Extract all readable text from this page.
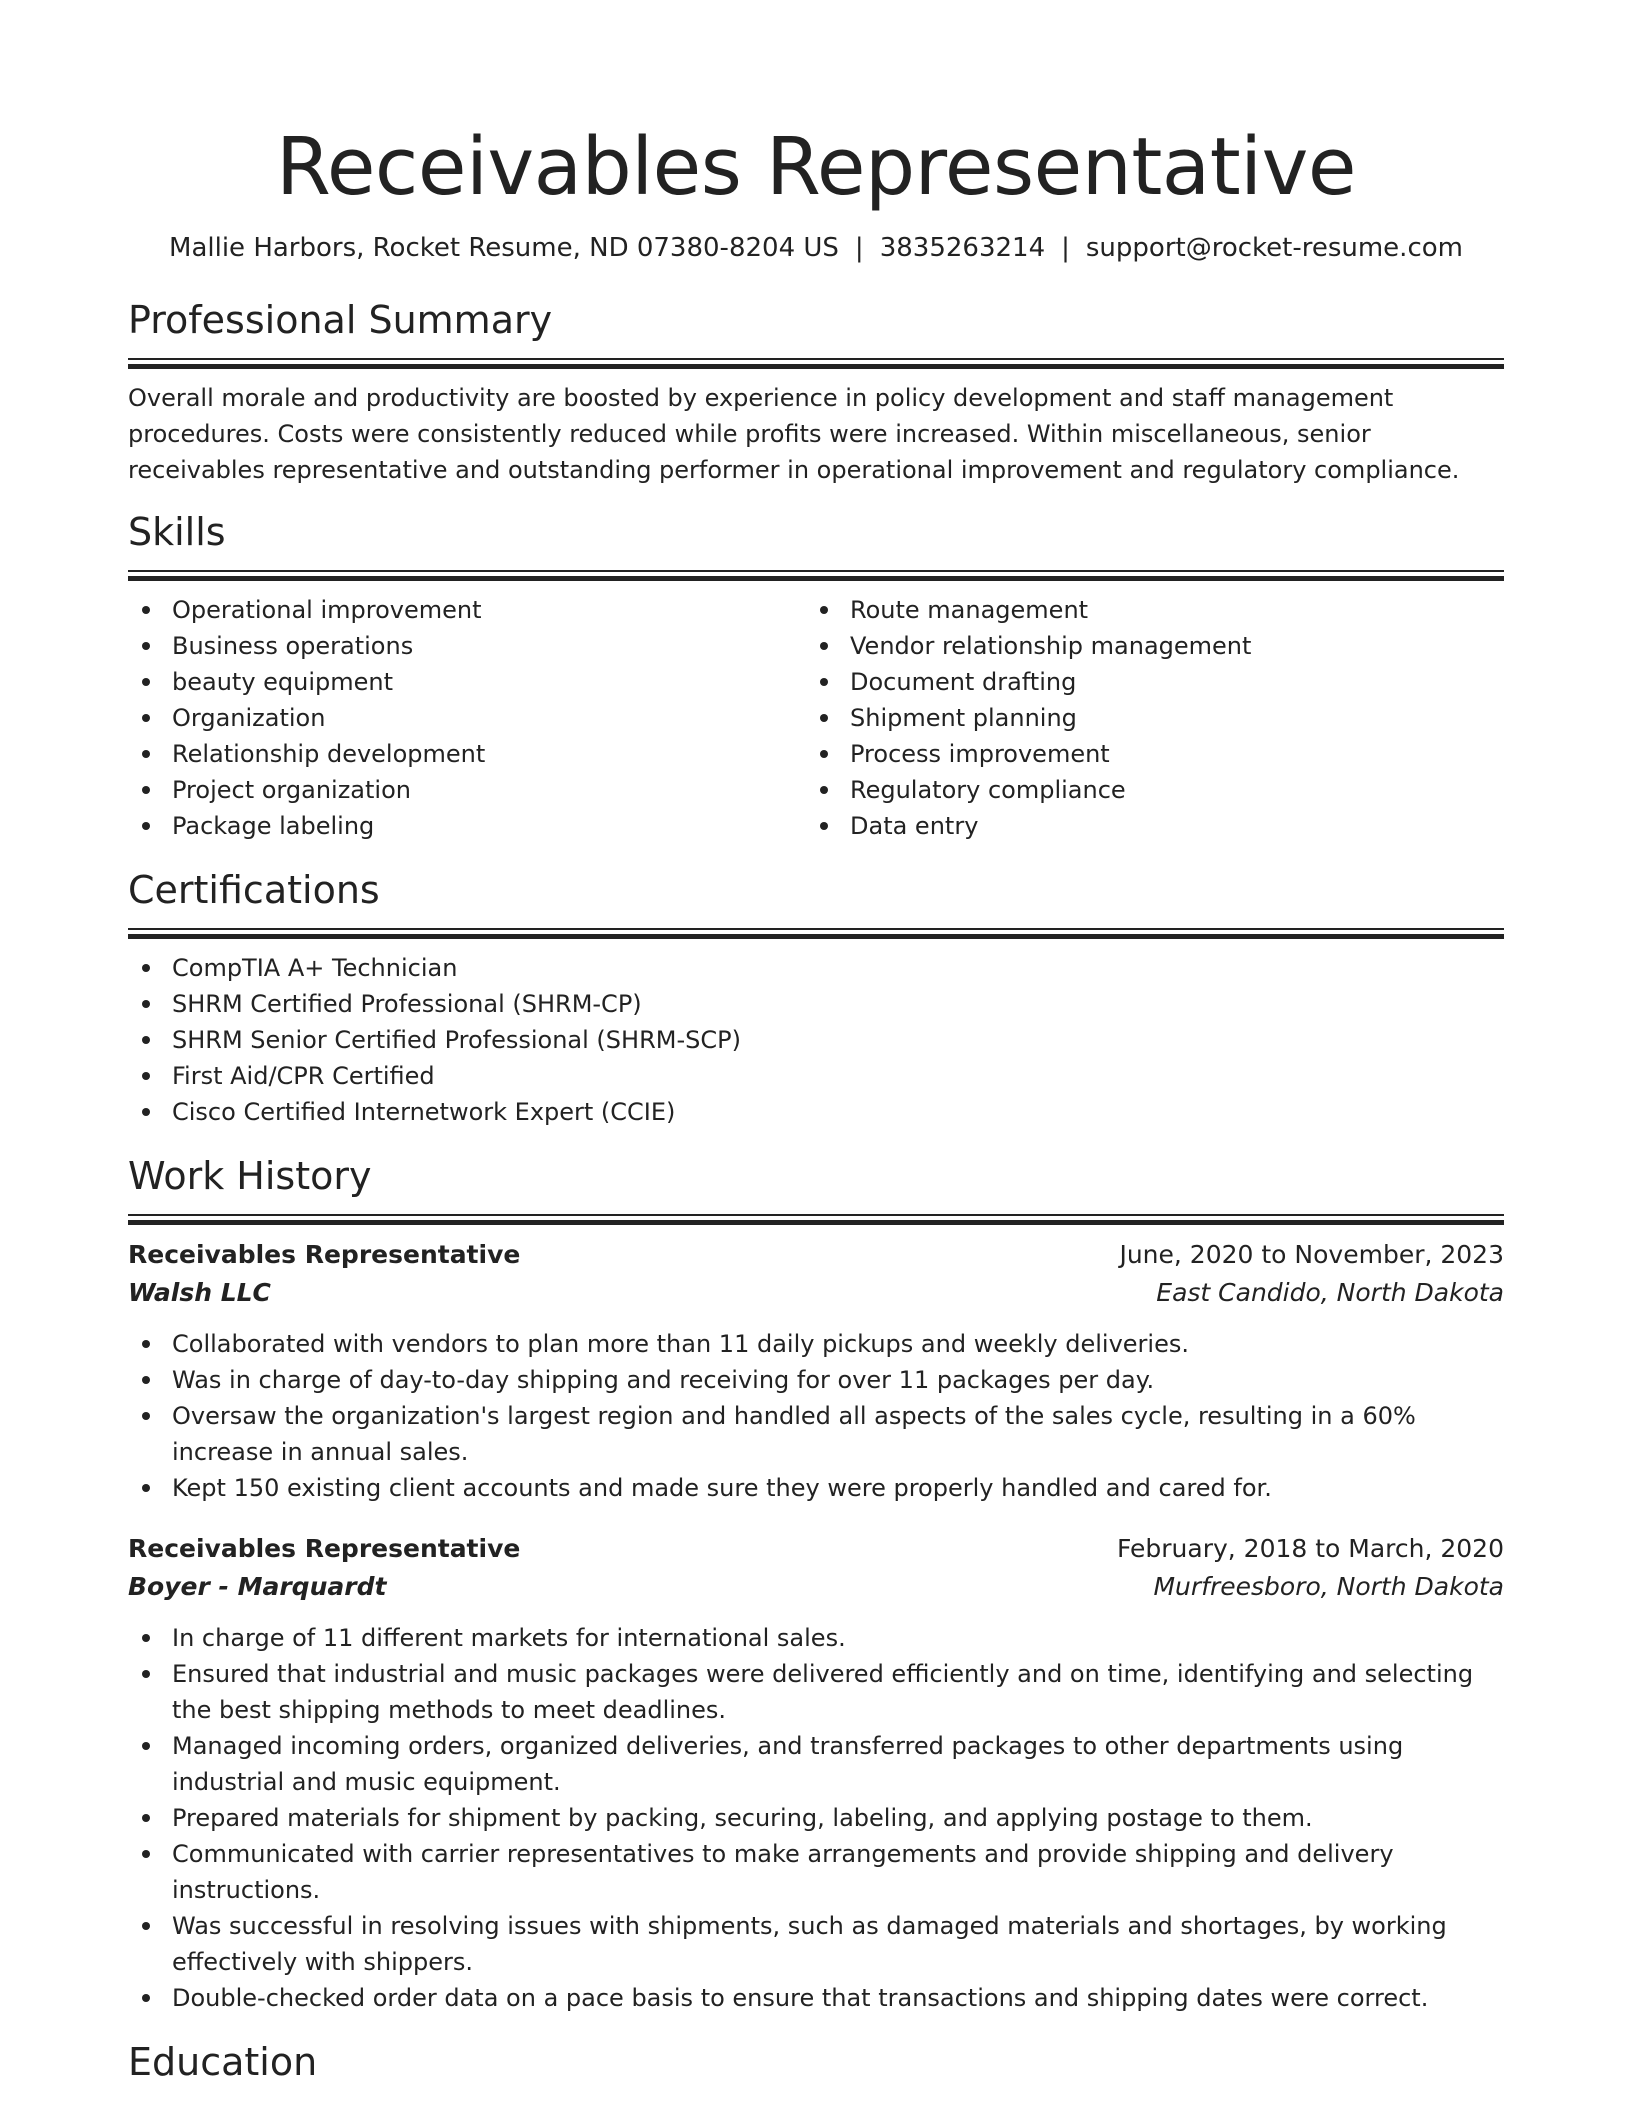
Receivables Representative
Mallie Harbors, Rocket Resume, ND 07380-8204 US | 3835263214 | support@rocket-resume.com
Professional Summary
Overall morale and productivity are boosted by experience in policy development and staff management procedures. Costs were consistently reduced while profits were increased. Within miscellaneous, senior receivables representative and outstanding performer in operational improvement and regulatory compliance.
Skills
Operational improvement
Business operations
beauty equipment
Organization
Relationship development
Project organization
Package labeling
Route management
Vendor relationship management
Document drafting
Shipment planning
Process improvement
Regulatory compliance
Data entry
Certifications
CompTIA A+ Technician
SHRM Certified Professional (SHRM-CP)
SHRM Senior Certified Professional (SHRM-SCP)
First Aid/CPR Certified
Cisco Certified Internetwork Expert (CCIE)
Work History
Receivables Representative	June, 2020 to November, 2023
Walsh LLC	East Candido, North Dakota
Collaborated with vendors to plan more than 11 daily pickups and weekly deliveries.
Was in charge of day-to-day shipping and receiving for over 11 packages per day.
Oversaw the organization's largest region and handled all aspects of the sales cycle, resulting in a 60% increase in annual sales.
Kept 150 existing client accounts and made sure they were properly handled and cared for.
Receivables Representative	February, 2018 to March, 2020
Boyer - Marquardt	Murfreesboro, North Dakota
In charge of 11 different markets for international sales.
Ensured that industrial and music packages were delivered efficiently and on time, identifying and selecting the best shipping methods to meet deadlines.
Managed incoming orders, organized deliveries, and transferred packages to other departments using industrial and music equipment.
Prepared materials for shipment by packing, securing, labeling, and applying postage to them.
Communicated with carrier representatives to make arrangements and provide shipping and delivery instructions.
Was successful in resolving issues with shipments, such as damaged materials and shortages, by working effectively with shippers.
Double-checked order data on a pace basis to ensure that transactions and shipping dates were correct.
Education
